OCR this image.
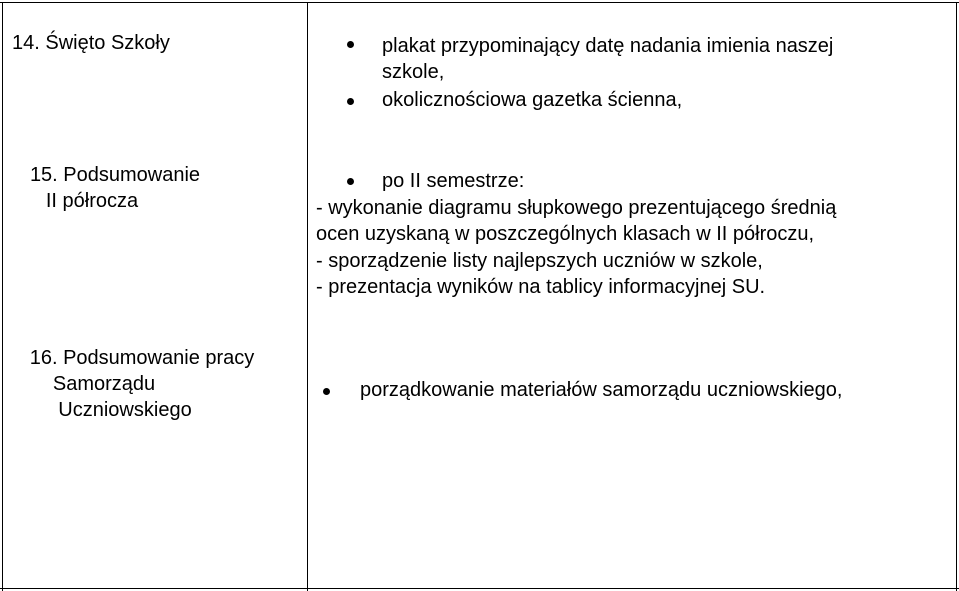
14. Święto Szkoły	plakat przypominający datę nadania imienia naszej
szkole,
okolicznościowa gazetka ścienna,
15. Podsumowanie
II półrocza
po II semestrze:
- wykonanie diagramu słupkowego prezentującego średnią
ocen uzyskaną w poszczególnych klasach w II półroczu,
- sporządzenie listy najlepszych uczniów w szkole,
- prezentacja wyników na tablicy informacyjnej SU.
16. Podsumowanie pracy
Samorządu
Uczniowskiego
porządkowanie materiałów samorządu uczniowskiego,
